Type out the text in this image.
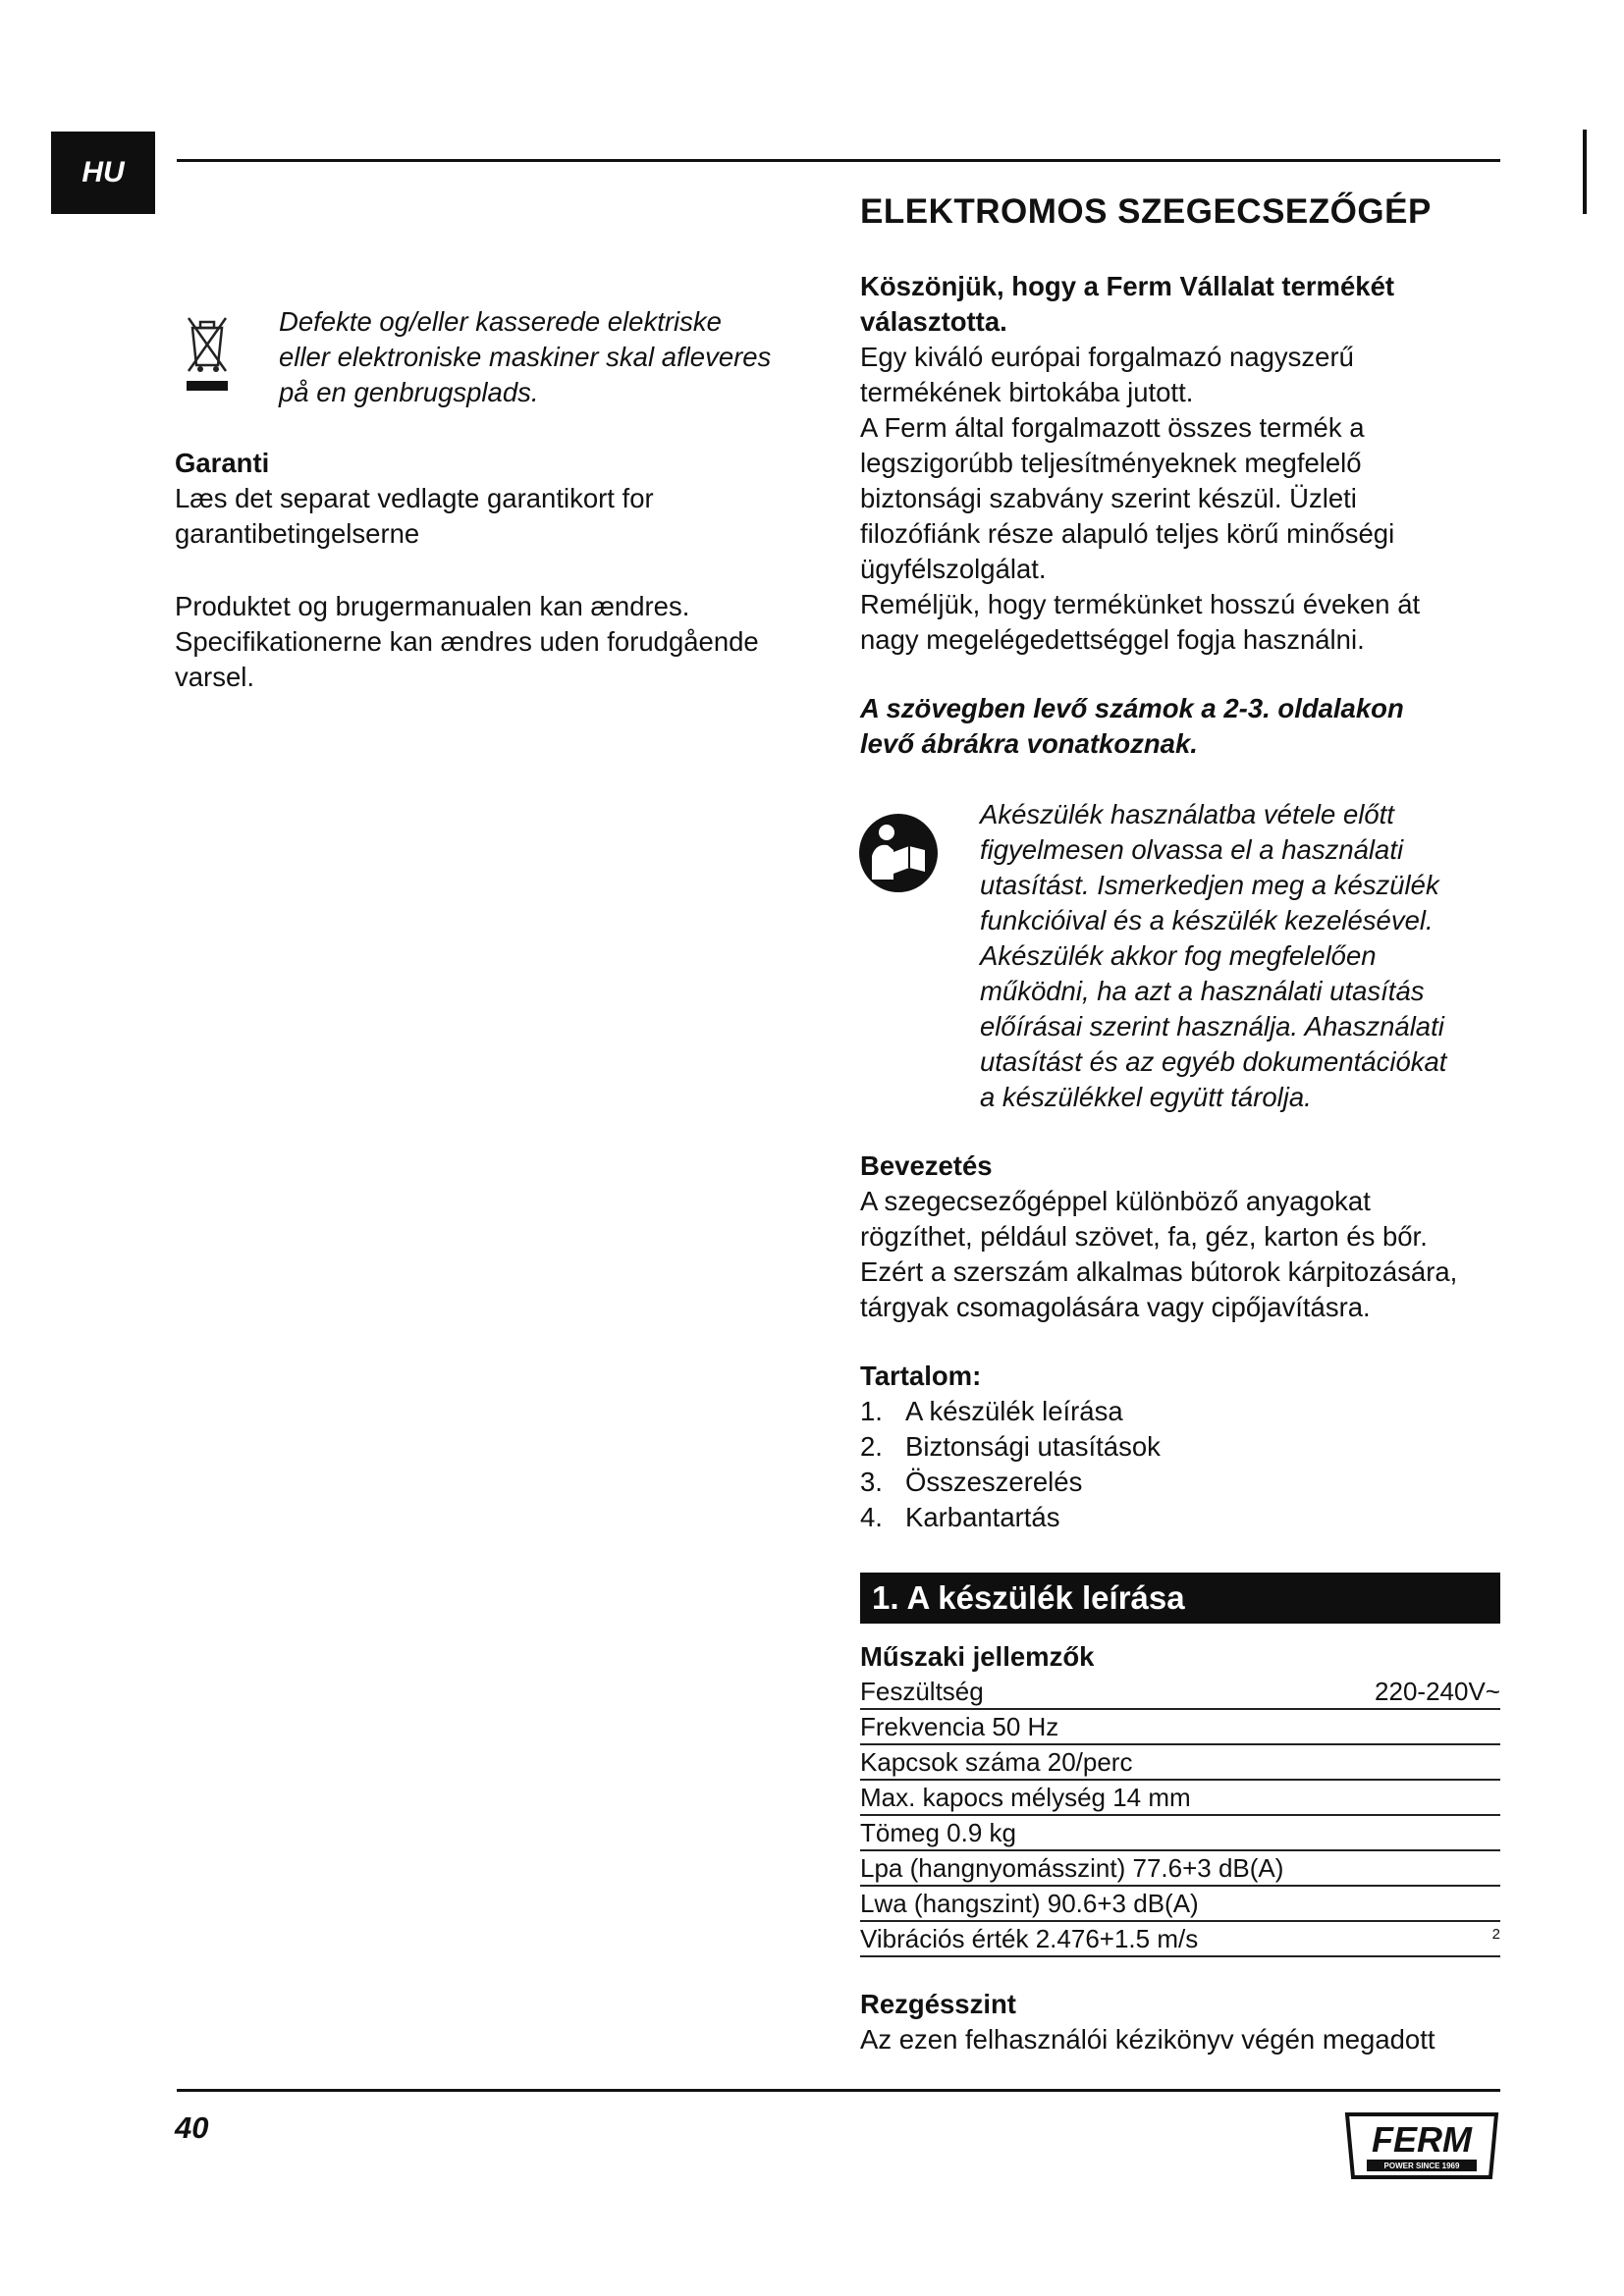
HU
ELEKTROMOS SZEGECSEZŐGÉP

Defekte og/eller kasserede elektriske

eller elektroniske maskiner skal afleveres

på en genbrugsplads.

Garanti

Læs det separat vedlagte garantikort for

garantibetingelserne

Produktet og brugermanualen kan ændres.

Specifikationerne kan ændres uden forudgående

varsel.

Köszönjük, hogy a Ferm Vállalat termékét

választotta.

Egy kiváló európai forgalmazó nagyszerű

termékének birtokába jutott.

A Ferm által forgalmazott összes termék a

legszigorúbb teljesítményeknek megfelelő

biztonsági szabvány szerint készül. Üzleti

filozófiánk része alapuló teljes körű minőségi

ügyfélszolgálat.

Reméljük, hogy termékünket hosszú éveken át

nagy megelégedettséggel fogja használni.

A szövegben levő számok a 2-3. oldalakon

levő ábrákra vonatkoznak.

Akészülék használatba vétele előtt

figyelmesen olvassa el a használati

utasítást. Ismerkedjen meg a készülék

funkcióival és a készülék kezelésével.

Akészülék akkor fog megfelelően

működni, ha azt a használati utasítás

előírásai szerint használja. Ahasználati

utasítást és az egyéb dokumentációkat

a készülékkel együtt tárolja.

Bevezetés

A szegecsezőgéppel különböző anyagokat

rögzíthet, például szövet, fa, géz, karton és bőr.

Ezért a szerszám alkalmas bútorok kárpitozására,

tárgyak csomagolására vagy cipőjavításra.

Tartalom:

1. A készülék leírása
2. Biztonsági utasítások
3. Összeszerelés
4. Karbantartás
1. A készülék leírása
Műszaki jellemzők
Feszültség	220-240V~
Frekvencia 50 Hz
Kapcsok száma 20/perc
Max. kapocs mélység 14 mm
Tömeg 0.9 kg
Lpa (hangnyomásszint) 77.6+3 dB(A)
Lwa (hangszint) 90.6+3 dB(A)
Vibrációs érték 2.476+1.5 m/s	2

Rezgésszint

Az ezen felhasználói kézikönyv végén megadott

40	FERM
POWER SINCE 1969
